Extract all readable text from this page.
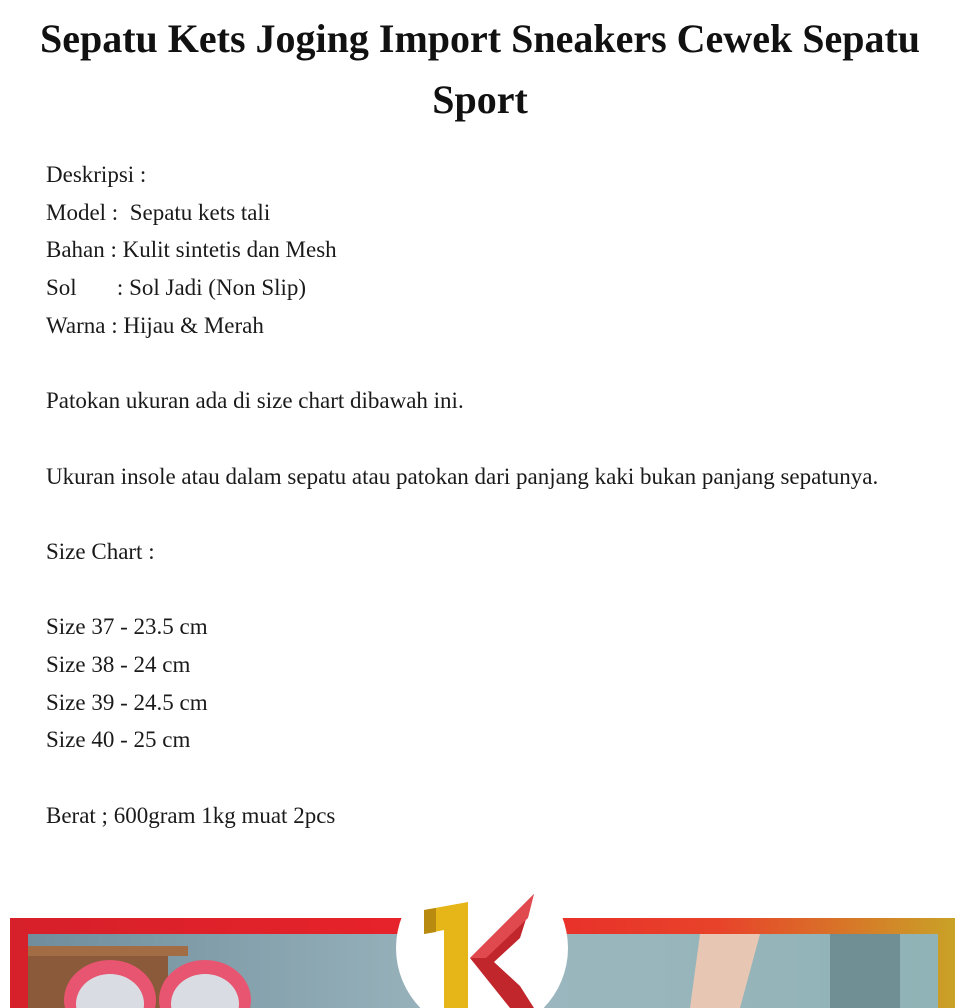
Sepatu Kets Joging Import Sneakers Cewek Sepatu Sport

Deskripsi :

Model :  Sepatu kets tali

Bahan : Kulit sintetis dan Mesh

Sol       : Sol Jadi (Non Slip)

Warna : Hijau & Merah

Patokan ukuran ada di size chart dibawah ini.

Ukuran insole atau dalam sepatu atau patokan dari panjang kaki bukan panjang sepatunya.

Size Chart :

Size 37 - 23.5 cm

Size 38 - 24 cm

Size 39 - 24.5 cm

Size 40 - 25 cm

Berat ; 600gram 1kg muat 2pcs
